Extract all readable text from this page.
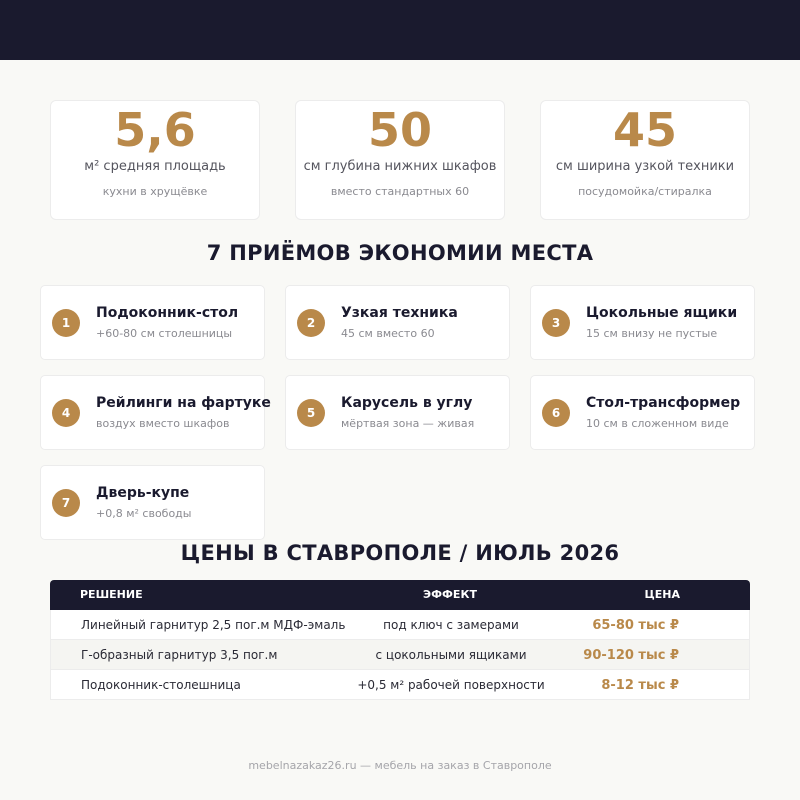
5,6
м² средняя площадь
кухни в хрущёвке
50
см глубина нижних шкафов
вместо стандартных 60
45
см ширина узкой техники
посудомойка/стиралка
7 ПРИЁМОВ ЭКОНОМИИ МЕСТА
1
Подоконник-стол
+60-80 см столешницы
2
Узкая техника
45 см вместо 60
3
Цокольные ящики
15 см внизу не пустые
4
Рейлинги на фартуке
воздух вместо шкафов
5
Карусель в углу
мёртвая зона — живая
6
Стол-трансформер
10 см в сложенном виде
7
Дверь-купе
+0,8 м² свободы
ЦЕНЫ В СТАВРОПОЛЕ / ИЮЛЬ 2026
РЕШЕНИЕ	ЭФФЕКТ	ЦЕНА
Линейный гарнитур 2,5 пог.м МДФ-эмаль	под ключ с замерами	65-80 тыс ₽
Г-образный гарнитур 3,5 пог.м	с цокольными ящиками	90-120 тыс ₽
Подоконник-столешница	+0,5 м² рабочей поверхности	8-12 тыс ₽
mebelnazakaz26.ru — мебель на заказ в Ставрополе
